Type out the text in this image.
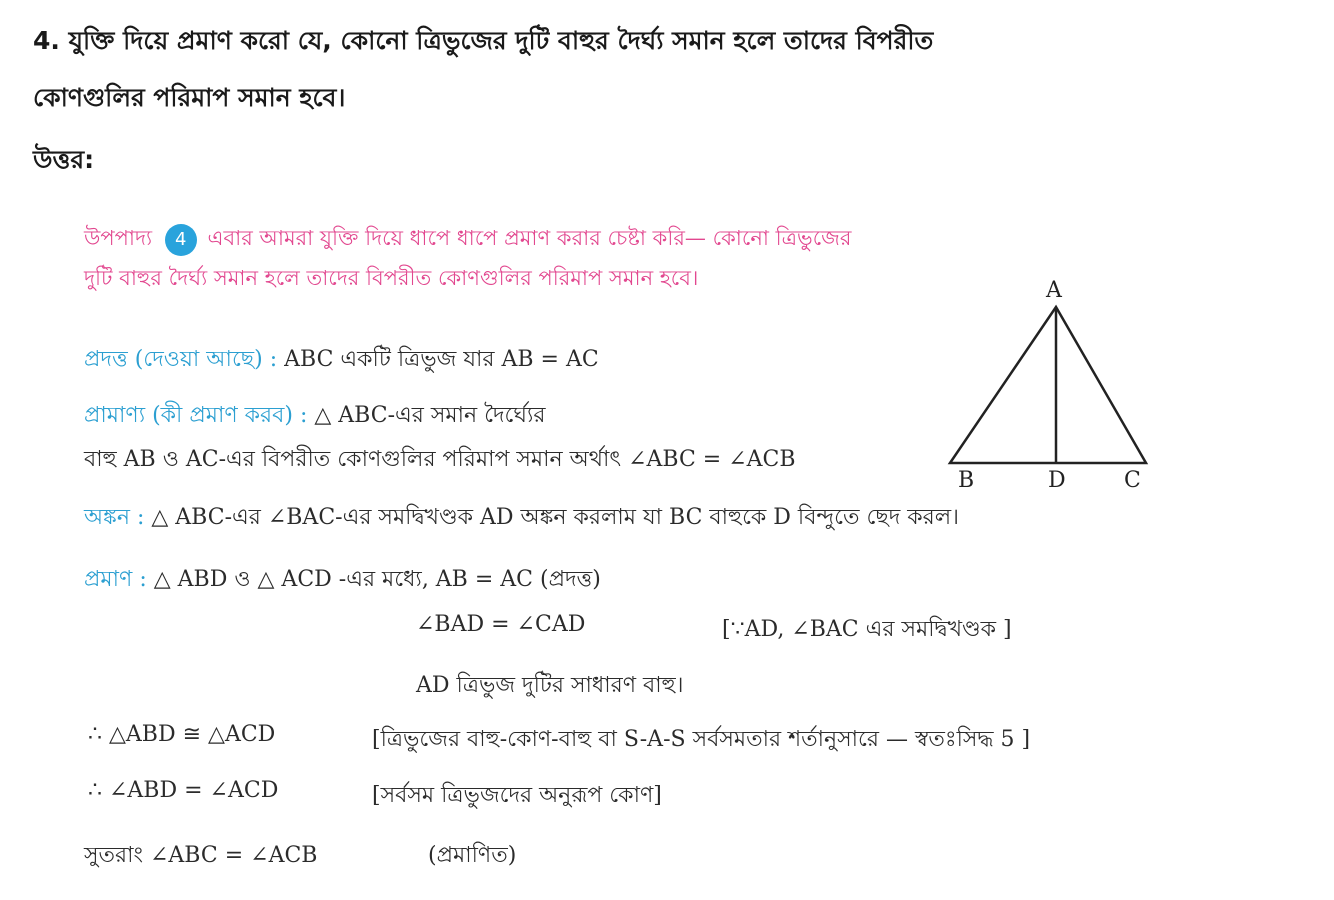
4. যুক্তি দিয়ে প্রমাণ করো যে, কোনো ত্রিভুজের দুটি বাহুর দৈর্ঘ্য সমান হলে তাদের বিপরীত
কোণগুলির পরিমাপ সমান হবে।
উত্তর:
উপপাদ্য 4 এবার আমরা যুক্তি দিয়ে ধাপে ধাপে প্রমাণ করার চেষ্টা করি— কোনো ত্রিভুজের
দুটি বাহুর দৈর্ঘ্য সমান হলে তাদের বিপরীত কোণগুলির পরিমাপ সমান হবে।
প্রদত্ত (দেওয়া আছে) : ABC একটি ত্রিভুজ যার AB = AC
প্রামাণ্য (কী প্রমাণ করব) : △ ABC-এর সমান দৈর্ঘ্যের
বাহু AB ও AC-এর বিপরীত কোণগুলির পরিমাপ সমান অর্থাৎ ∠ABC = ∠ACB
অঙ্কন : △ ABC-এর ∠BAC-এর সমদ্বিখণ্ডক AD অঙ্কন করলাম যা BC বাহুকে D বিন্দুতে ছেদ করল।
প্রমাণ : △ ABD ও △ ACD -এর মধ্যে, AB = AC (প্রদত্ত)
∠BAD = ∠CAD	[∵AD, ∠BAC এর সমদ্বিখণ্ডক ]
AD ত্রিভুজ দুটির সাধারণ বাহু।
∴ △ABD ≅ △ACD	[ত্রিভুজের বাহু-কোণ-বাহু বা S-A-S সর্বসমতার শর্তানুসারে — স্বতঃসিদ্ধ 5 ]
∴ ∠ABD = ∠ACD	[সর্বসম ত্রিভুজদের অনুরূপ কোণ]
সুতরাং ∠ABC = ∠ACB	(প্রমাণিত)
A
B	D	C
